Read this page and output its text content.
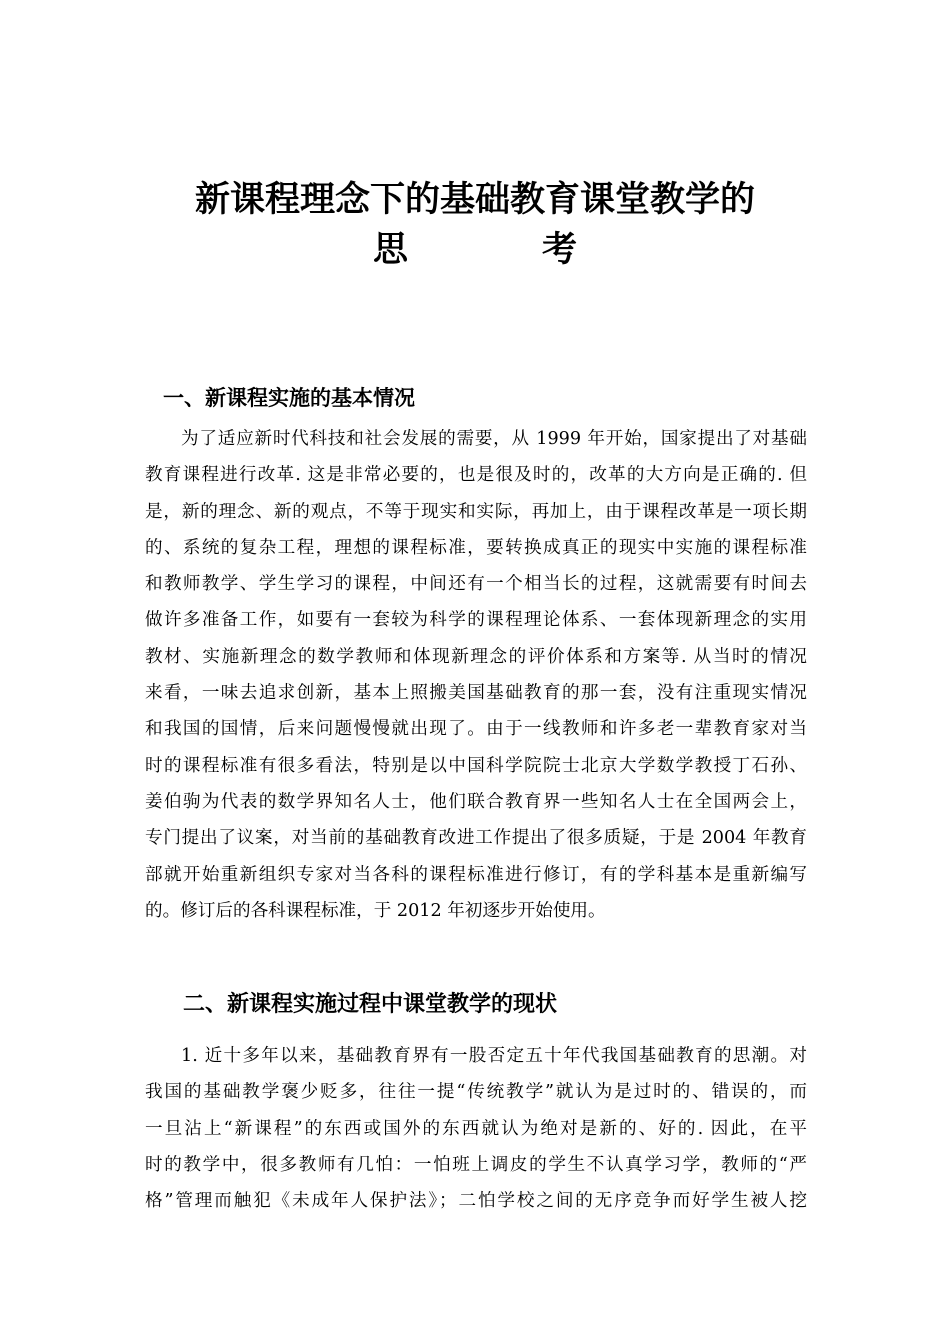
新课程理念下的基础教育课堂教学的
思	考
一、新课程实施的基本情况
为了适应新时代科技和社会发展的需要，从 1999 年开始，国家提出了对基础
教育课程进行改革. 这是非常必要的，也是很及时的，改革的大方向是正确的. 但
是，新的理念、新的观点，不等于现实和实际，再加上，由于课程改革是一项长期
的、系统的复杂工程，理想的课程标准，要转换成真正的现实中实施的课程标准
和教师教学、学生学习的课程，中间还有一个相当长的过程，这就需要有时间去
做许多准备工作，如要有一套较为科学的课程理论体系、一套体现新理念的实用
教材、实施新理念的数学教师和体现新理念的评价体系和方案等. 从当时的情况
来看，一味去追求创新，基本上照搬美国基础教育的那一套，没有注重现实情况
和我国的国情，后来问题慢慢就出现了。由于一线教师和许多老一辈教育家对当
时的课程标准有很多看法，特别是以中国科学院院士北京大学数学教授丁石孙、
姜伯驹为代表的数学界知名人士，他们联合教育界一些知名人士在全国两会上，
专门提出了议案，对当前的基础教育改进工作提出了很多质疑，于是 2004 年教育
部就开始重新组织专家对当各科的课程标准进行修订，有的学科基本是重新编写
的。修订后的各科课程标准，于 2012 年初逐步开始使用。
二、新课程实施过程中课堂教学的现状
1. 近十多年以来，基础教育界有一股否定五十年代我国基础教育的思潮。对
我国的基础教学褒少贬多，往往一提“传统教学”就认为是过时的、错误的，而
一旦沾上“新课程”的东西或国外的东西就认为绝对是新的、好的. 因此，在平
时的教学中，很多教师有几怕：一怕班上调皮的学生不认真学习学，教师的“严
格”管理而触犯《未成年人保护法》；二怕学校之间的无序竞争而好学生被人挖
